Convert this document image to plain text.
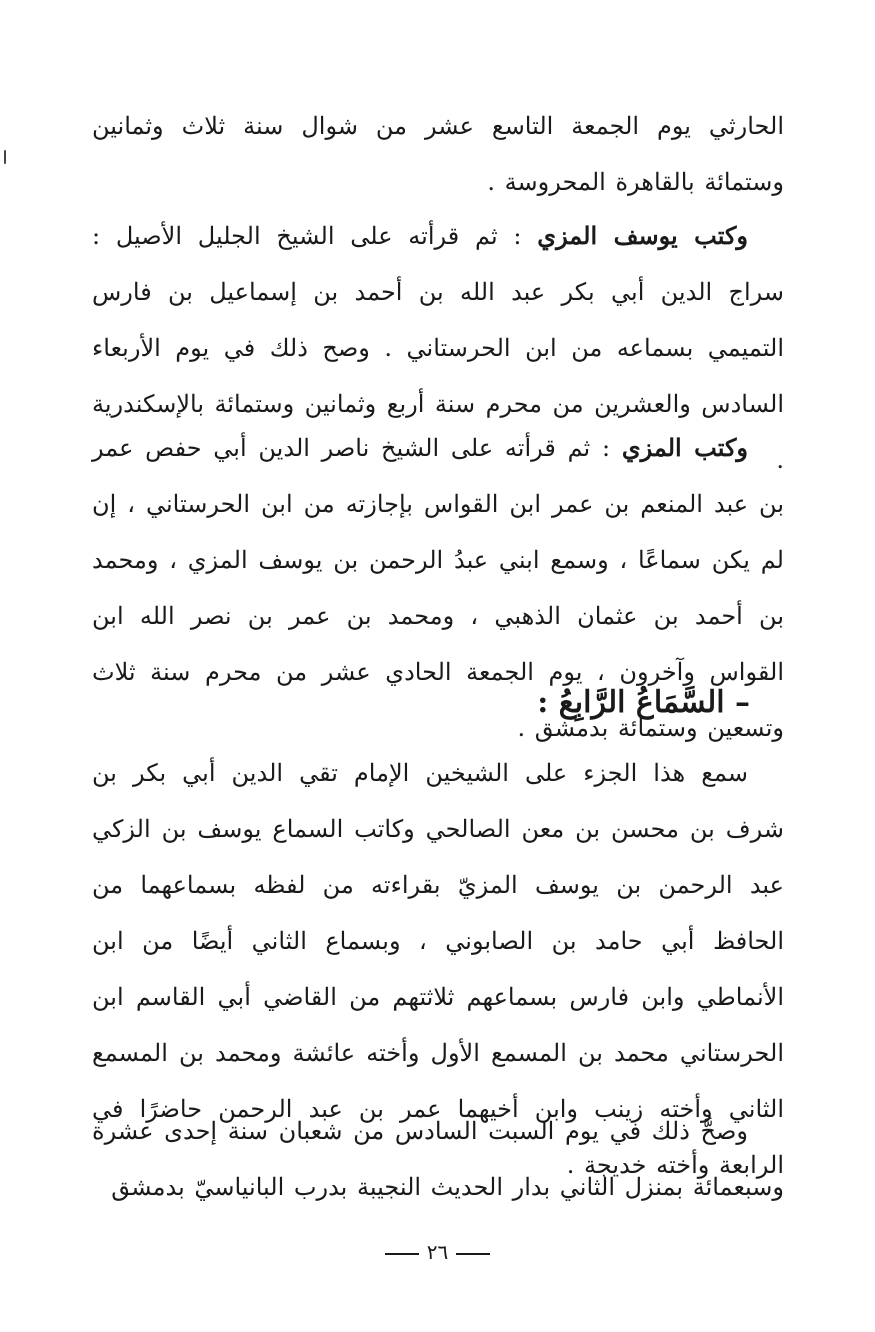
الحارثي يوم الجمعة التاسع عشر من شوال سنة ثلاث وثمانين وستمائة بالقاهرة المحروسة .

وكتب يوسف المزي : ثم قرأته على الشيخ الجليل الأصيل : سراج الدين أبي بكر عبد الله بن أحمد بن إسماعيل بن فارس التميمي بسماعه من ابن الحرستاني . وصح ذلك في يوم الأربعاء السادس والعشرين من محرم سنة أربع وثمانين وستمائة بالإسكندرية .

وكتب المزي : ثم قرأته على الشيخ ناصر الدين أبي حفص عمر بن عبد المنعم بن عمر ابن القواس بإجازته من ابن الحرستاني ، إن لم يكن سماعًا ، وسمع ابني عبدُ الرحمن بن يوسف المزي ، ومحمد بن أحمد بن عثمان الذهبي ، ومحمد بن عمر بن نصر الله ابن القواس وآخرون ، يوم الجمعة الحادي عشر من محرم سنة ثلاث وتسعين وستمائة بدمشق .

– السَّمَاعُ الرَّابِعُ :

سمع هذا الجزء على الشيخين الإمام تقي الدين أبي بكر بن شرف بن محسن بن معن الصالحي وكاتب السماع يوسف بن الزكي عبد الرحمن بن يوسف المزيّ بقراءته من لفظه بسماعهما من الحافظ أبي حامد بن الصابوني ، وبسماع الثاني أيضًا من ابن الأنماطي وابن فارس بسماعهم ثلاثتهم من القاضي أبي القاسم ابن الحرستاني محمد بن المسمع الأول وأخته عائشة ومحمد بن المسمع الثاني وأخته زينب وابن أخيهما عمر بن عبد الرحمن حاضرًا في الرابعة وأخته خديجة .

وصحَّ ذلك في يوم السبت السادس من شعبان سنة إحدى عشرة وسبعمائة بمنزل الثاني بدار الحديث النجيبة بدرب البانياسيّ بدمشق

٢٦
